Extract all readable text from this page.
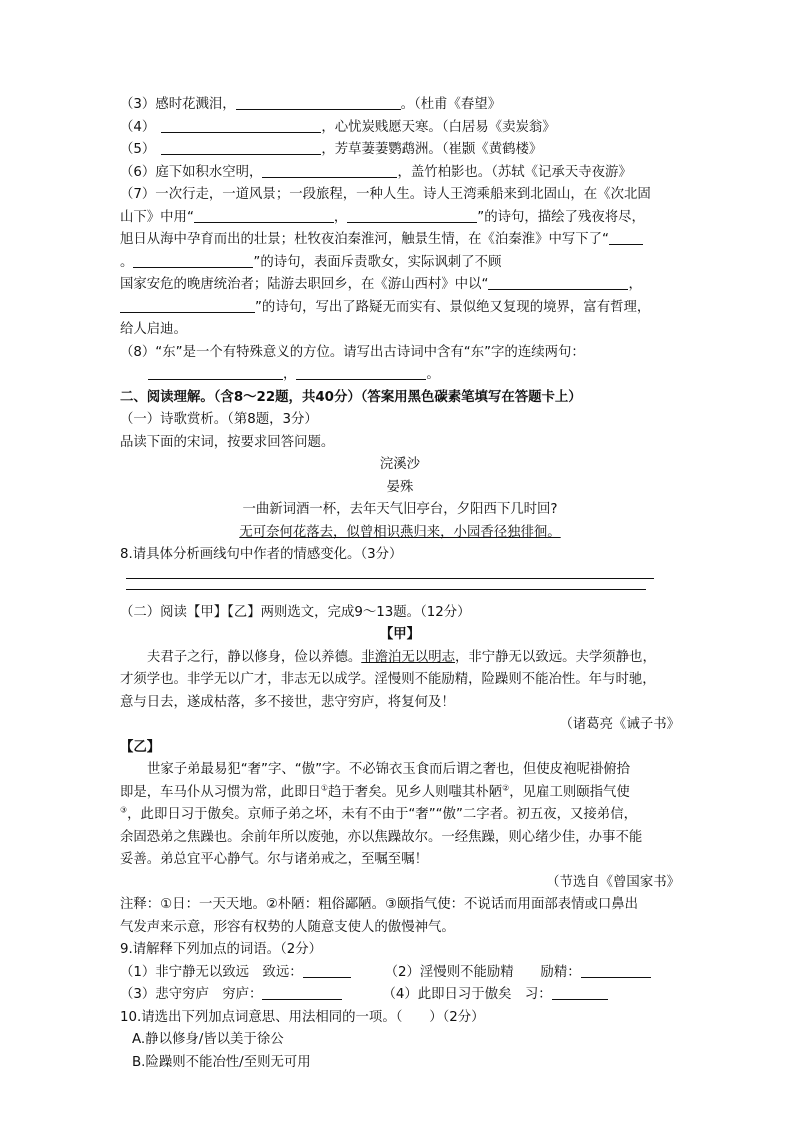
（3）感时花溅泪，	。（杜甫《春望》
（4）	，心忧炭贱愿天寒。（白居易《卖炭翁》
（5）	，芳草萋萋鹦鹉洲。（崔颢《黄鹤楼》
（6）庭下如积水空明，	，盖竹柏影也。（苏轼《记承天寺夜游》
（7）一次行走，一道风景；一段旅程，一种人生。诗人王湾乘船来到北固山，在《次北固
山下》中用“	，	”的诗句，描绘了残夜将尽，
旭日从海中孕育而出的壮景；杜牧夜泊秦淮河，触景生情，在《泊秦淮》中写下了“
。	”的诗句，表面斥责歌女，实际讽刺了不顾
国家安危的晚唐统治者；陆游去职回乡，在《游山西村》中以“	，
”的诗句，写出了路疑无而实有、景似绝又复现的境界，富有哲理，
给人启迪。
（8）“东”是一个有特殊意义的方位。请写出古诗词中含有“东”字的连续两句：
，	。
二、阅读理解。（含8～22题，共40分）（答案用黑色碳素笔填写在答题卡上）
（一）诗歌赏析。（第8题，3分）
品读下面的宋词，按要求回答问题。
浣溪沙
晏殊
一曲新词酒一杯，去年天气旧亭台，夕阳西下几时回?
无可奈何花落去，似曾相识燕归来，小园香径独徘徊。
8.请具体分析画线句中作者的情感变化。（3分）
（二）阅读【甲】【乙】两则选文，完成9～13题。（12分）
【甲】
夫君子之行，静以修身，俭以养德。非澹泊无以明志，非宁静无以致远。夫学须静也，
才须学也。非学无以广才，非志无以成学。淫慢则不能励精，险躁则不能冶性。年与时驰，
意与日去，遂成枯落，多不接世，悲守穷庐，将复何及！
（诸葛亮《诫子书》
【乙】
世家子弟最易犯“奢”字、“傲”字。不必锦衣玉食而后谓之奢也，但使皮袍呢褂俯拾
即是，车马仆从习惯为常，此即日①趋于奢矣。见乡人则嗤其朴陋②，见雇工则颐指气使
③，此即日习于傲矣。京师子弟之坏，未有不由于“奢”“傲”二字者。初五夜，又接弟信，
余固恐弟之焦躁也。余前年所以废弛，亦以焦躁故尔。一经焦躁，则心绪少佳，办事不能
妥善。弟总宜平心静气。尔与诸弟戒之，至嘱至嘱！
（节选自《曾国家书》
注释：①日：一天天地。②朴陋：粗俗鄙陋。③颐指气使：不说话而用面部表情或口鼻出
气发声来示意，形容有权势的人随意支使人的傲慢神气。
9.请解释下列加点的词语。（2分）
（1）非宁静无以致远　致远：	（2）淫慢则不能励精　　励精：
（3）悲守穷庐　穷庐：	（4）此即日习于傲矣　习：
10.请选出下列加点词意思、用法相同的一项。（　　）（2分）
A.静以修身/皆以美于徐公
B.险躁则不能冶性/至则无可用
